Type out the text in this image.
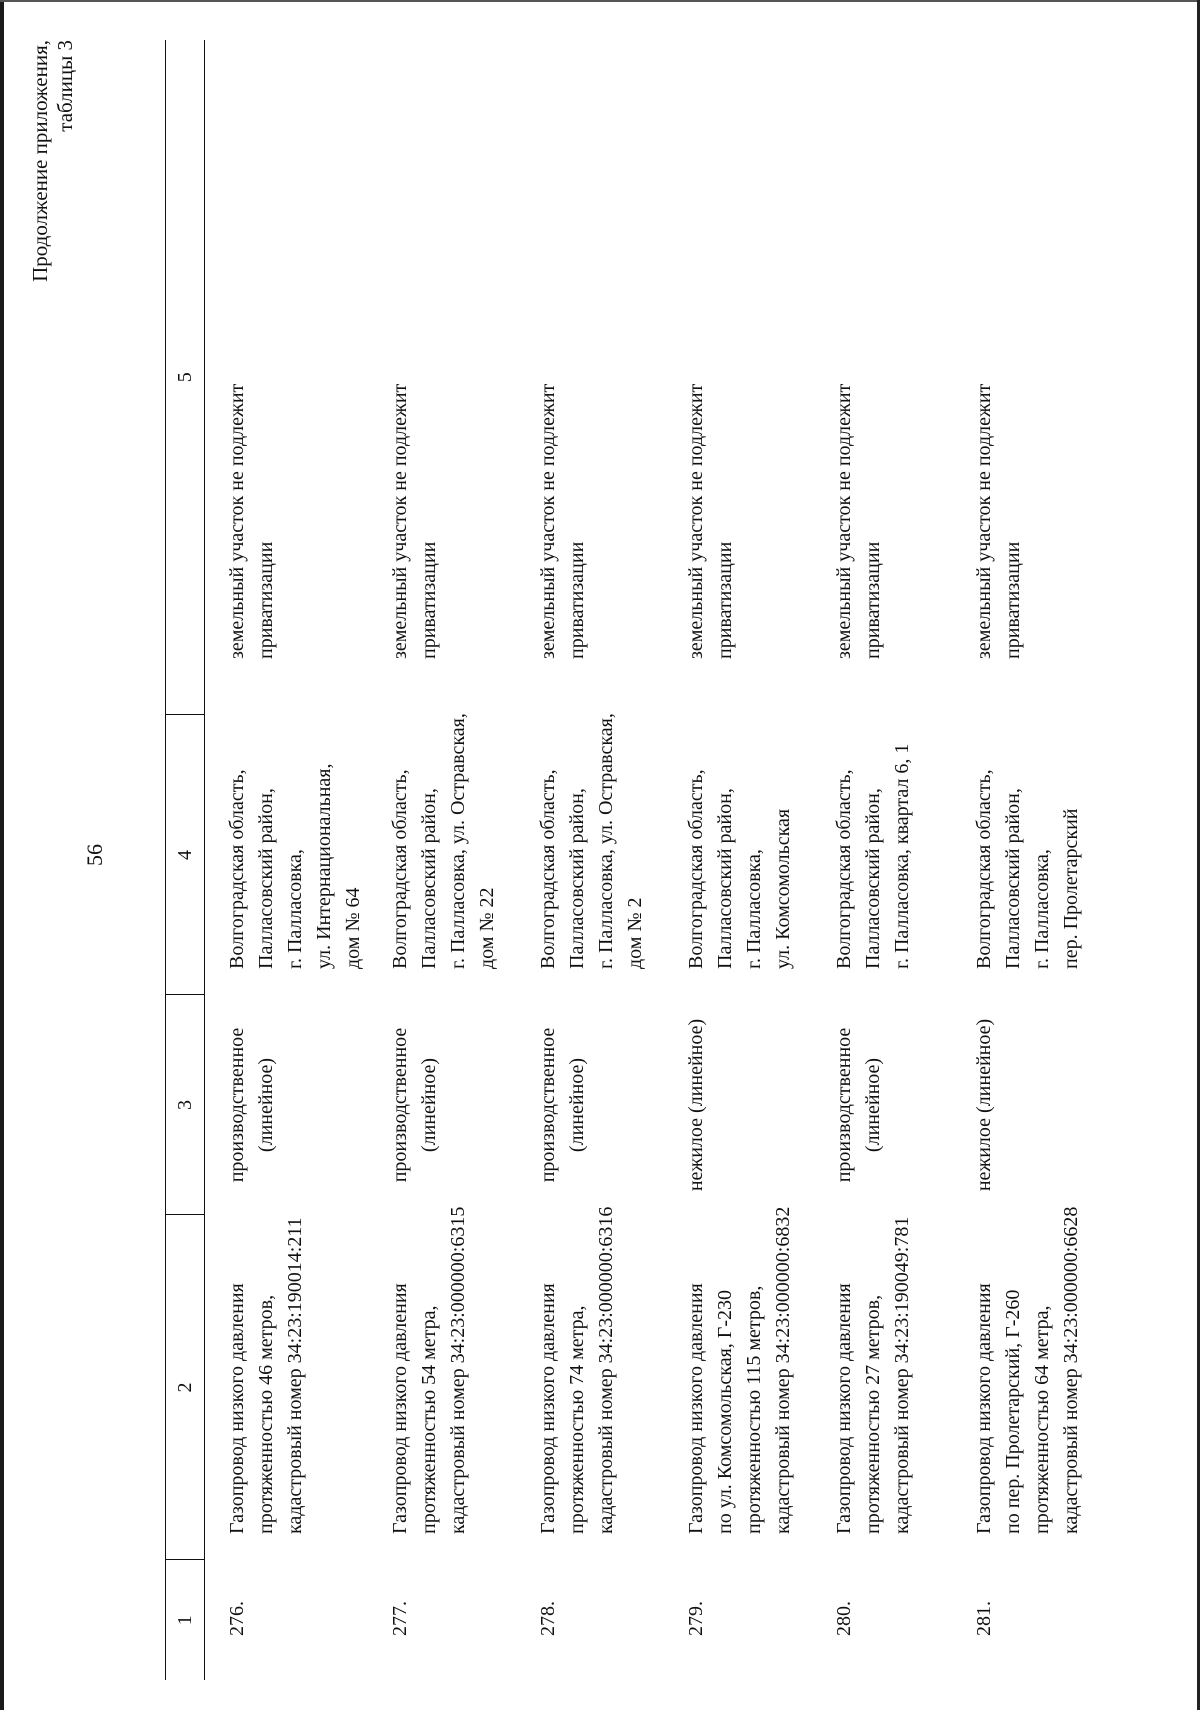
56
Продолжение приложения, таблицы 3
1	2	3	4	5
276.	Газопровод низкого давления протяженностью 46 метров, кадастровый номер 34:23:190014:211	производственное (линейное)	Волгоградская область, Палласовский район, г. Палласовка, ул. Интернациональная, дом № 64	земельный участок не подлежит приватизации

277.	Газопровод низкого давления протяженностью 54 метра, кадастровый номер 34:23:000000:6315	производственное (линейное)	Волгоградская область, Палласовский район, г. Палласовка, ул. Остравская, дом № 22	земельный участок не подлежит приватизации

278.	Газопровод низкого давления протяженностью 74 метра, кадастровый номер 34:23:000000:6316	производственное (линейное)	Волгоградская область, Палласовский район, г. Палласовка, ул. Остравская, дом № 2	земельный участок не подлежит приватизации

279.	Газопровод низкого давления по ул. Комсомольская, Г-230 протяженностью 115 метров, кадастровый номер 34:23:000000:6832	нежилое (линейное)	Волгоградская область, Палласовский район, г. Палласовка, ул. Комсомольская	земельный участок не подлежит приватизации

280.	Газопровод низкого давления протяженностью 27 метров, кадастровый номер 34:23:190049:781	производственное (линейное)	Волгоградская область, Палласовский район, г. Палласовка, квартал 6, 1	земельный участок не подлежит приватизации

281.	Газопровод низкого давления по пер. Пролетарский, Г-260 протяженностью 64 метра, кадастровый номер 34:23:000000:6628	нежилое (линейное)	Волгоградская область, Палласовский район, г. Палласовка, пер. Пролетарский	земельный участок не подлежит приватизации
